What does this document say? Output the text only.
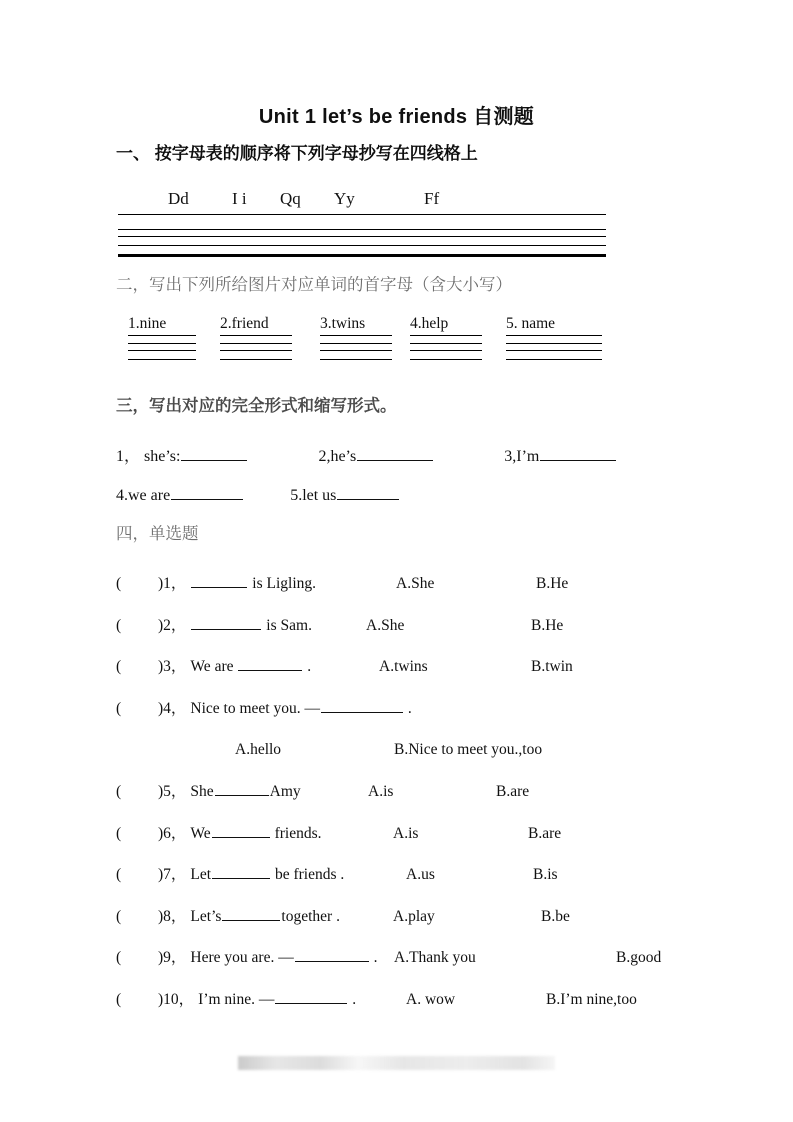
Unit 1 let’s be friends 自测题
一、 按字母表的顺序将下列字母抄写在四线格上
Dd	I i Qq Yy	Ff
二，写出下列所给图片对应单词的首字母（含大小写）
1.nine	2.friend	3.twins	4.help	5. name
三，写出对应的完全形式和缩写形式。
1， she’s:	2,he’s	3,I’m
4.we are	5.let us
四，单选题
( )1，	is Ligling.	A.She	B.He
( )2，	is Sam.	A.She	B.He
( )3， We are	.	A.twins	B.twin
( )4， Nice to meet you. —	.
A.hello	B.Nice to meet you.,too
( )5， She	Amy	A.is	B.are
( )6， We	friends.	A.is	B.are
( )7， Let	be friends .	A.us	B.is
( )8， Let’s	together .	A.play	B.be
( )9， Here you are. —	. A.Thank you	B.good
( )10， I’m nine. —	.	A. wow	B.I’m nine,too
